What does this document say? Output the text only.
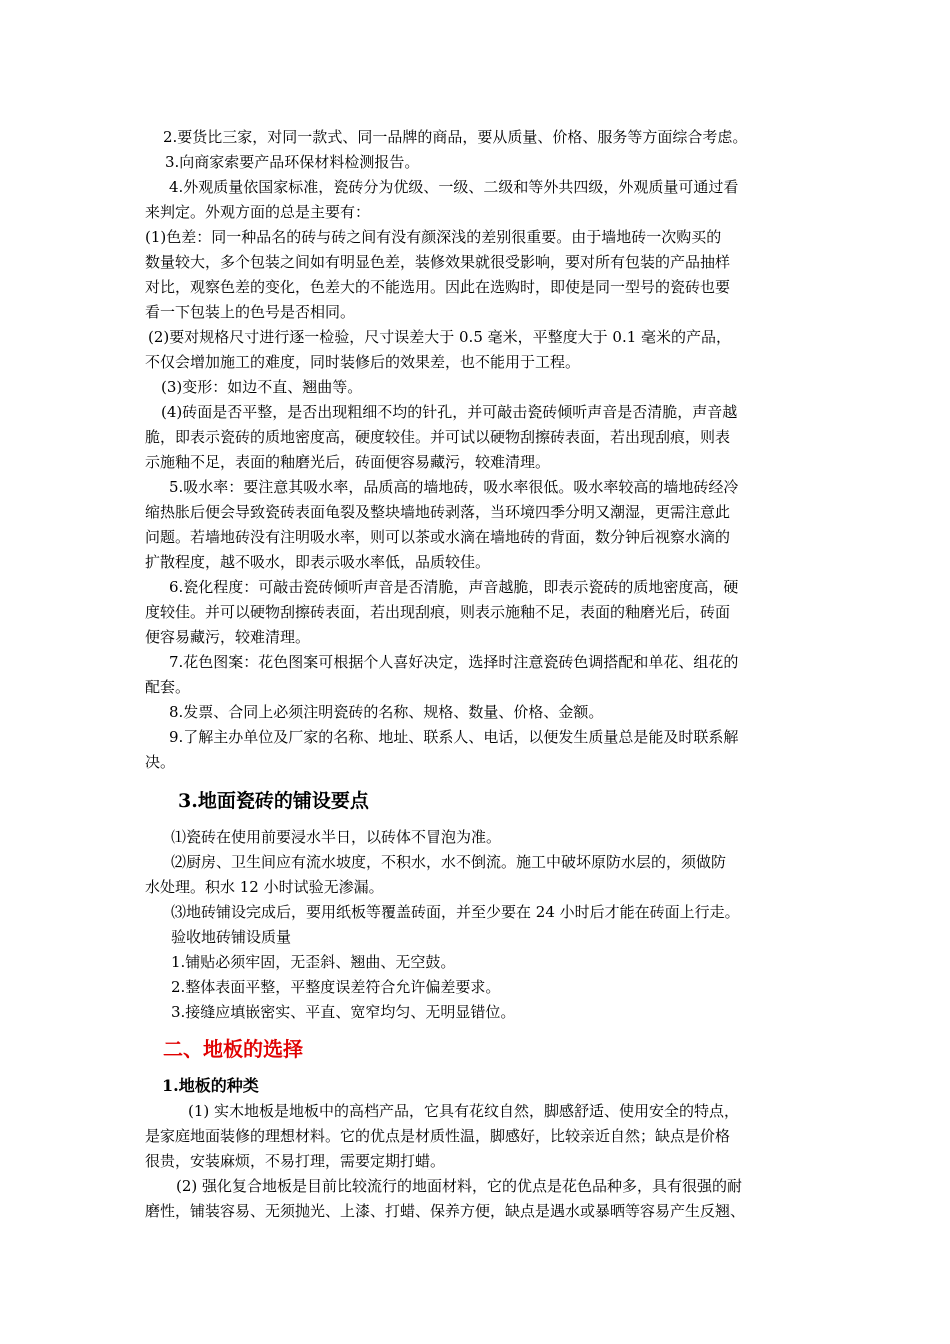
2.要货比三家，对同一款式、同一品牌的商品，要从质量、价格、服务等方面综合考虑。
3.向商家索要产品环保材料检测报告。
4.外观质量依国家标准，瓷砖分为优级、一级、二级和等外共四级，外观质量可通过看
来判定。外观方面的总是主要有：
(1)色差：同一种品名的砖与砖之间有没有颜深浅的差别很重要。由于墙地砖一次购买的
数量较大，多个包装之间如有明显色差，装修效果就很受影响，要对所有包装的产品抽样
对比，观察色差的变化，色差大的不能选用。因此在选购时，即使是同一型号的瓷砖也要
看一下包装上的色号是否相同。
(2)要对规格尺寸进行逐一检验，尺寸误差大于 0.5 毫米，平整度大于 0.1 毫米的产品，
不仅会增加施工的难度，同时装修后的效果差，也不能用于工程。
(3)变形：如边不直、翘曲等。
(4)砖面是否平整，是否出现粗细不均的针孔，并可敲击瓷砖倾听声音是否清脆，声音越
脆，即表示瓷砖的质地密度高，硬度较佳。并可试以硬物刮擦砖表面，若出现刮痕，则表
示施釉不足，表面的釉磨光后，砖面便容易藏污，较难清理。
5.吸水率：要注意其吸水率，品质高的墙地砖，吸水率很低。吸水率较高的墙地砖经冷
缩热胀后便会导致瓷砖表面龟裂及整块墙地砖剥落，当环境四季分明又潮湿，更需注意此
问题。若墙地砖没有注明吸水率，则可以茶或水滴在墙地砖的背面，数分钟后视察水滴的
扩散程度，越不吸水，即表示吸水率低，品质较佳。
6.瓷化程度：可敲击瓷砖倾听声音是否清脆，声音越脆，即表示瓷砖的质地密度高，硬
度较佳。并可以硬物刮擦砖表面，若出现刮痕，则表示施釉不足，表面的釉磨光后，砖面
便容易藏污，较难清理。
7.花色图案：花色图案可根据个人喜好决定，选择时注意瓷砖色调搭配和单花、组花的
配套。
8.发票、合同上必须注明瓷砖的名称、规格、数量、价格、金额。
9.了解主办单位及厂家的名称、地址、联系人、电话，以便发生质量总是能及时联系解
决。
3.地面瓷砖的铺设要点
⑴瓷砖在使用前要浸水半日，以砖体不冒泡为准。
⑵厨房、卫生间应有流水坡度，不积水，水不倒流。施工中破坏原防水层的，须做防
水处理。积水 12 小时试验无渗漏。
⑶地砖铺设完成后，要用纸板等覆盖砖面，并至少要在 24 小时后才能在砖面上行走。
验收地砖铺设质量
1.铺贴必须牢固，无歪斜、翘曲、无空鼓。
2.整体表面平整，平整度误差符合允许偏差要求。
3.接缝应填嵌密实、平直、宽窄均匀、无明显错位。
二、地板的选择
1.地板的种类
(1) 实木地板是地板中的高档产品，它具有花纹自然，脚感舒适、使用安全的特点，
是家庭地面装修的理想材料。它的优点是材质性温，脚感好，比较亲近自然；缺点是价格
很贵，安装麻烦，不易打理，需要定期打蜡。
(2) 强化复合地板是目前比较流行的地面材料，它的优点是花色品种多，具有很强的耐
磨性，铺装容易、无须抛光、上漆、打蜡、保养方便，缺点是遇水或暴晒等容易产生反翘、
